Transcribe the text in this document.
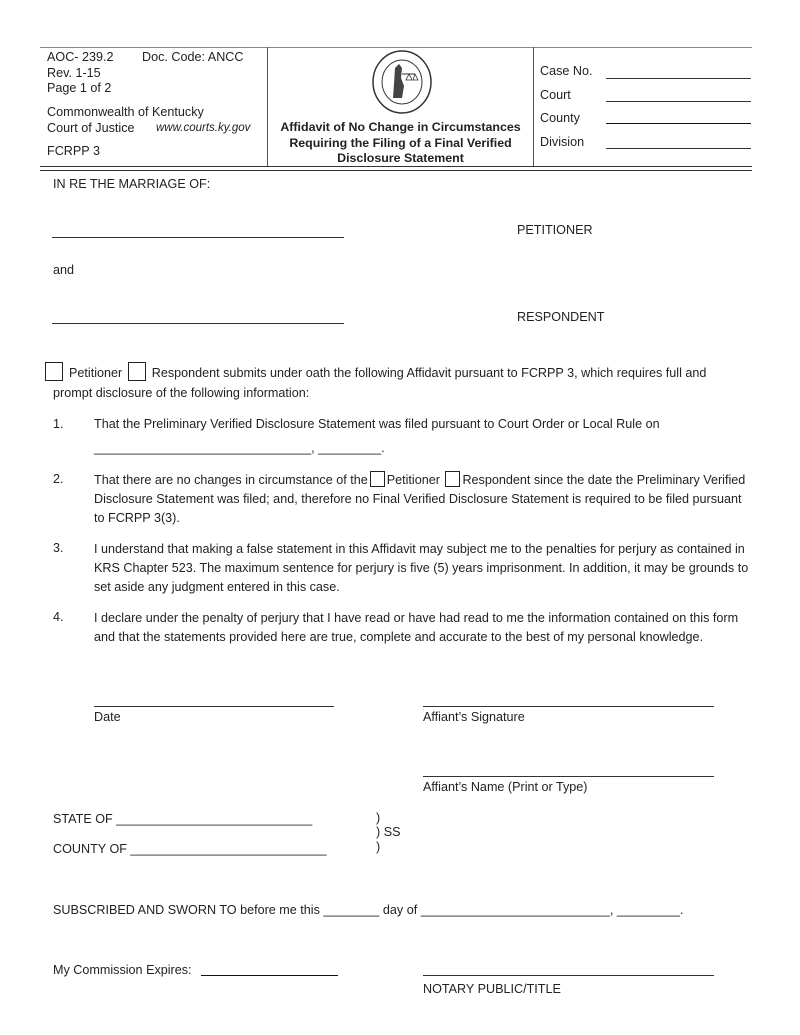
AOC- 239.2 Doc. Code: ANCC
Rev. 1-15
Page 1 of 2
Commonwealth of Kentucky
Court of Justice www.courts.ky.gov
FCRPP 3
Affidavit of No Change in Circumstances
Requiring the Filing of a Final Verified
Disclosure Statement
Case No.
Court
County
Division
IN RE THE MARRIAGE OF:
PETITIONER
and
RESPONDENT
Petitioner Respondent submits under oath the following Affidavit pursuant to FCRPP 3, which requires full and
prompt disclosure of the following information:
1. That the Preliminary Verified Disclosure Statement was filed pursuant to Court Order or Local Rule on
_______________________________, _________.
2. That there are no changes in circumstance of the Petitioner Respondent since the date the Preliminary Verified Disclosure Statement was filed; and, therefore no Final Verified Disclosure Statement is required to be filed pursuant to FCRPP 3(3).
3. I understand that making a false statement in this Affidavit may subject me to the penalties for perjury as contained in KRS Chapter 523. The maximum sentence for perjury is five (5) years imprisonment. In addition, it may be grounds to set aside any judgment entered in this case.
4. I declare under the penalty of perjury that I have read or have had read to me the information contained on this form and that the statements provided here are true, complete and accurate to the best of my personal knowledge.
Date	Affiant’s Signature
Affiant’s Name (Print or Type)
STATE OF ____________________________
COUNTY OF ____________________________
)
) SS
)
SUBSCRIBED AND SWORN TO before me this ________ day of ___________________________, _________.
My Commission Expires:
NOTARY PUBLIC/TITLE
